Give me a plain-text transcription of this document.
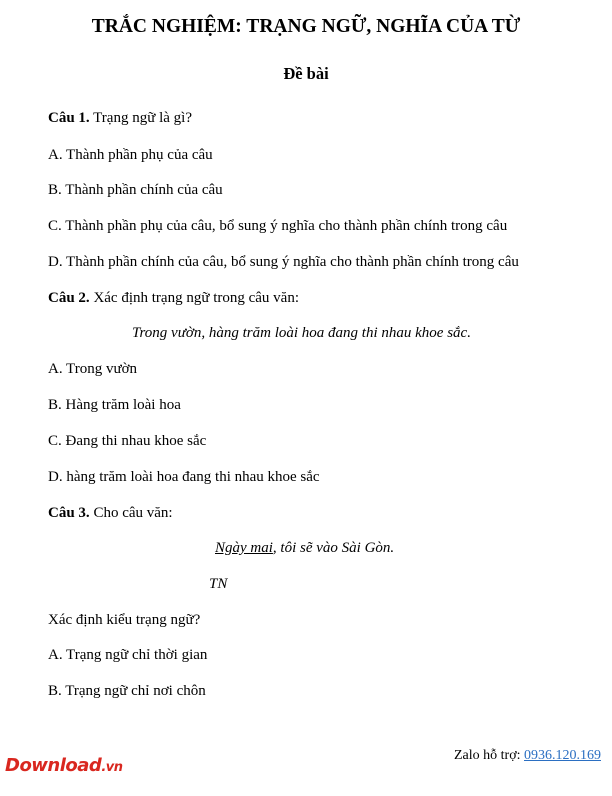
TRẮC NGHIỆM: TRẠNG NGỮ, NGHĨA CỦA TỪ
Đề bài
Câu 1. Trạng ngữ là gì?
A. Thành phần phụ của câu
B. Thành phần chính của câu
C. Thành phần phụ của câu, bổ sung ý nghĩa cho thành phần chính trong câu
D. Thành phần chính của câu, bổ sung ý nghĩa cho thành phần chính trong câu
Câu 2. Xác định trạng ngữ trong câu văn:
Trong vườn, hàng trăm loài hoa đang thi nhau khoe sắc.
A. Trong vườn
B. Hàng trăm loài hoa
C. Đang thi nhau khoe sắc
D. hàng trăm loài hoa đang thi nhau khoe sắc
Câu 3. Cho câu văn:
Ngày mai, tôi sẽ vào Sài Gòn.
TN
Xác định kiểu trạng ngữ?
A. Trạng ngữ chỉ thời gian
B. Trạng ngữ chỉ nơi chôn
Download.vn
Zalo hỗ trợ: 0936.120.169
